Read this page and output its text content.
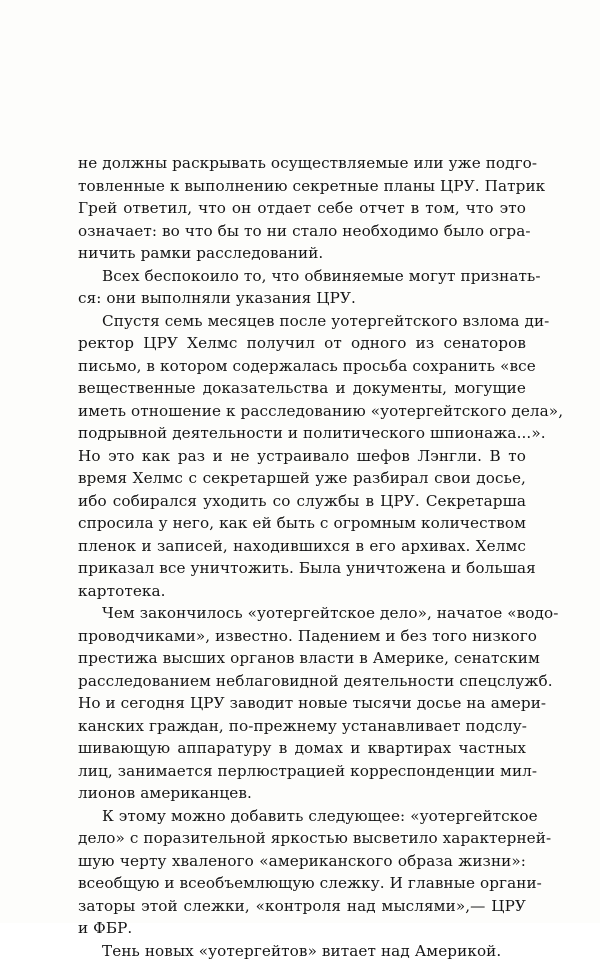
не должны раскрывать осуществляемые или уже подго-
товленные к выполнению секретные планы ЦРУ. Патрик
Грей ответил, что он отдает себе отчет в том, что это
означает: во что бы то ни стало необходимо было огра-
ничить рамки расследований.
Всех беспокоило то, что обвиняемые могут признать-
ся: они выполняли указания ЦРУ.
Спустя семь месяцев после уотергейтского взлома ди-
ректор ЦРУ Хелмс получил от одного из сенаторов
письмо, в котором содержалась просьба сохранить «все
вещественные доказательства и документы, могущие
иметь отношение к расследованию «уотергейтского дела»,
подрывной деятельности и политического шпионажа...».
Но это как раз и не устраивало шефов Лэнгли. В то
время Хелмс с секретаршей уже разбирал свои досье,
ибо собирался уходить со службы в ЦРУ. Секретарша
спросила у него, как ей быть с огромным количеством
пленок и записей, находившихся в его архивах. Хелмс
приказал все уничтожить. Была уничтожена и большая
картотека.
Чем закончилось «уотергейтское дело», начатое «водо-
проводчиками», известно. Падением и без того низкого
престижа высших органов власти в Америке, сенатским
расследованием неблаговидной деятельности спецслужб.
Но и сегодня ЦРУ заводит новые тысячи досье на амери-
канских граждан, по-прежнему устанавливает подслу-
шивающую аппаратуру в домах и квартирах частных
лиц, занимается перлюстрацией корреспонденции мил-
лионов американцев.
К этому можно добавить следующее: «уотергейтское
дело» с поразительной яркостью высветило характерней-
шую черту хваленого «американского образа жизни»:
всеобщую и всеобъемлющую слежку. И главные органи-
заторы этой слежки, «контроля над мыслями»,— ЦРУ
и ФБР.
Тень новых «уотергейтов» витает над Америкой.
